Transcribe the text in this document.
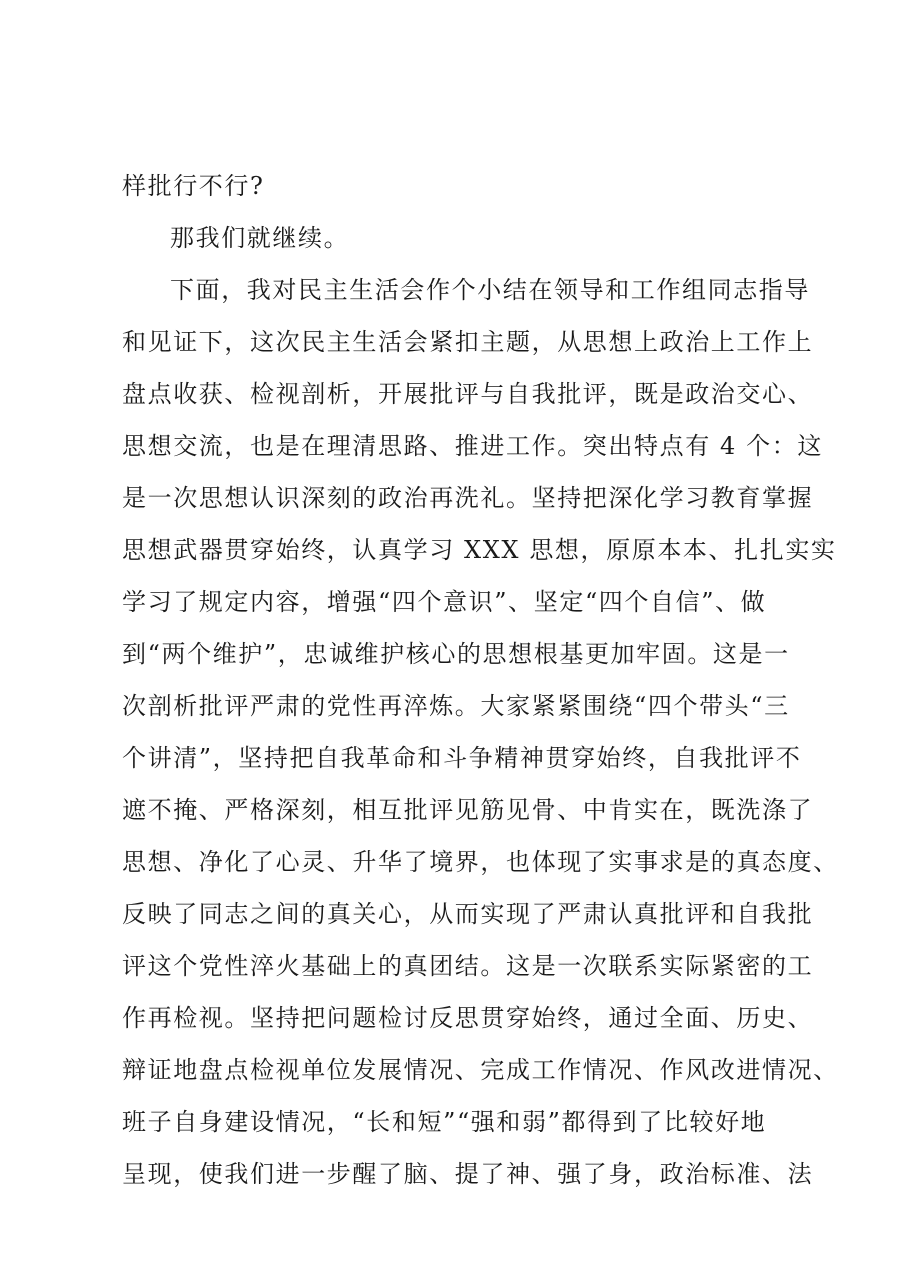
样批行不行?
那我们就继续。
下面，我对民主生活会作个小结在领导和工作组同志指导
和见证下，这次民主生活会紧扣主题，从思想上政治上工作上
盘点收获、检视剖析，开展批评与自我批评，既是政治交心、
思想交流，也是在理清思路、推进工作。突出特点有 4 个：这
是一次思想认识深刻的政治再洗礼。坚持把深化学习教育掌握
思想武器贯穿始终，认真学习 XXX 思想，原原本本、扎扎实实
学习了规定内容，增强“四个意识”、坚定“四个自信”、做
到“两个维护”，忠诚维护核心的思想根基更加牢固。这是一
次剖析批评严肃的党性再淬炼。大家紧紧围绕“四个带头“三
个讲清”，坚持把自我革命和斗争精神贯穿始终，自我批评不
遮不掩、严格深刻，相互批评见筋见骨、中肯实在，既洗涤了
思想、净化了心灵、升华了境界，也体现了实事求是的真态度、
反映了同志之间的真关心，从而实现了严肃认真批评和自我批
评这个党性淬火基础上的真团结。这是一次联系实际紧密的工
作再检视。坚持把问题检讨反思贯穿始终，通过全面、历史、
辩证地盘点检视单位发展情况、完成工作情况、作风改进情况、
班子自身建设情况，“长和短”“强和弱”都得到了比较好地
呈现，使我们进一步醒了脑、提了神、强了身，政治标准、法
